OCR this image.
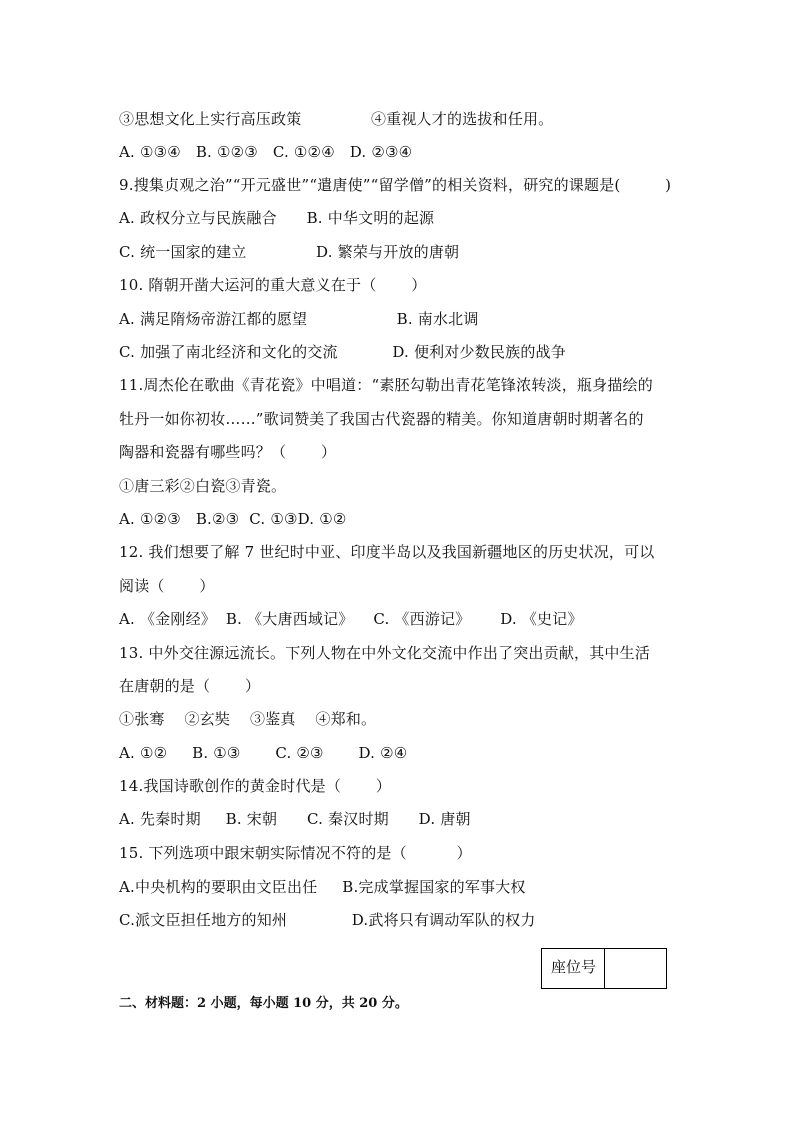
③思想文化上实行高压政策              ④重视人才的选拔和任用。
A. ①③④   B. ①②③   C. ①②④   D. ②③④
9.搜集贞观之治”“开元盛世”“遣唐使”“留学僧”的相关资料，研究的课题是(         )
A. 政权分立与民族融合      B. 中华文明的起源
C. 统一国家的建立              D. 繁荣与开放的唐朝
10. 隋朝开凿大运河的重大意义在于（       ）
A. 满足隋炀帝游江都的愿望                  B. 南水北调
C. 加强了南北经济和文化的交流           D. 便利对少数民族的战争
11.周杰伦在歌曲《青花瓷》中唱道：“素胚勾勒出青花笔锋浓转淡，瓶身描绘的
牡丹一如你初妆……”歌词赞美了我国古代瓷器的精美。你知道唐朝时期著名的
陶器和瓷器有哪些吗？（       ）
①唐三彩②白瓷③青瓷。
A. ①②③   B.②③  C. ①③D. ①②
12. 我们想要了解 7 世纪时中亚、印度半岛以及我国新疆地区的历史状况，可以
阅读（       ）
A. 《金刚经》  B. 《大唐西域记》    C. 《西游记》      D. 《史记》
13. 中外交往源远流长。下列人物在中外文化交流中作出了突出贡献，其中生活
在唐朝的是（       ）
①张骞    ②玄奘    ③鉴真    ④郑和。
A. ①②     B. ①③       C. ②③       D. ②④
14.我国诗歌创作的黄金时代是（       ）
A. 先秦时期     B. 宋朝      C. 秦汉时期      D. 唐朝
15. 下列选项中跟宋朝实际情况不符的是（          ）
A.中央机构的要职由文臣出任     B.完成掌握国家的军事大权
C.派文臣担任地方的知州             D.武将只有调动军队的权力
座位号
二、材料题：2 小题，每小题 10 分，共 20 分。
